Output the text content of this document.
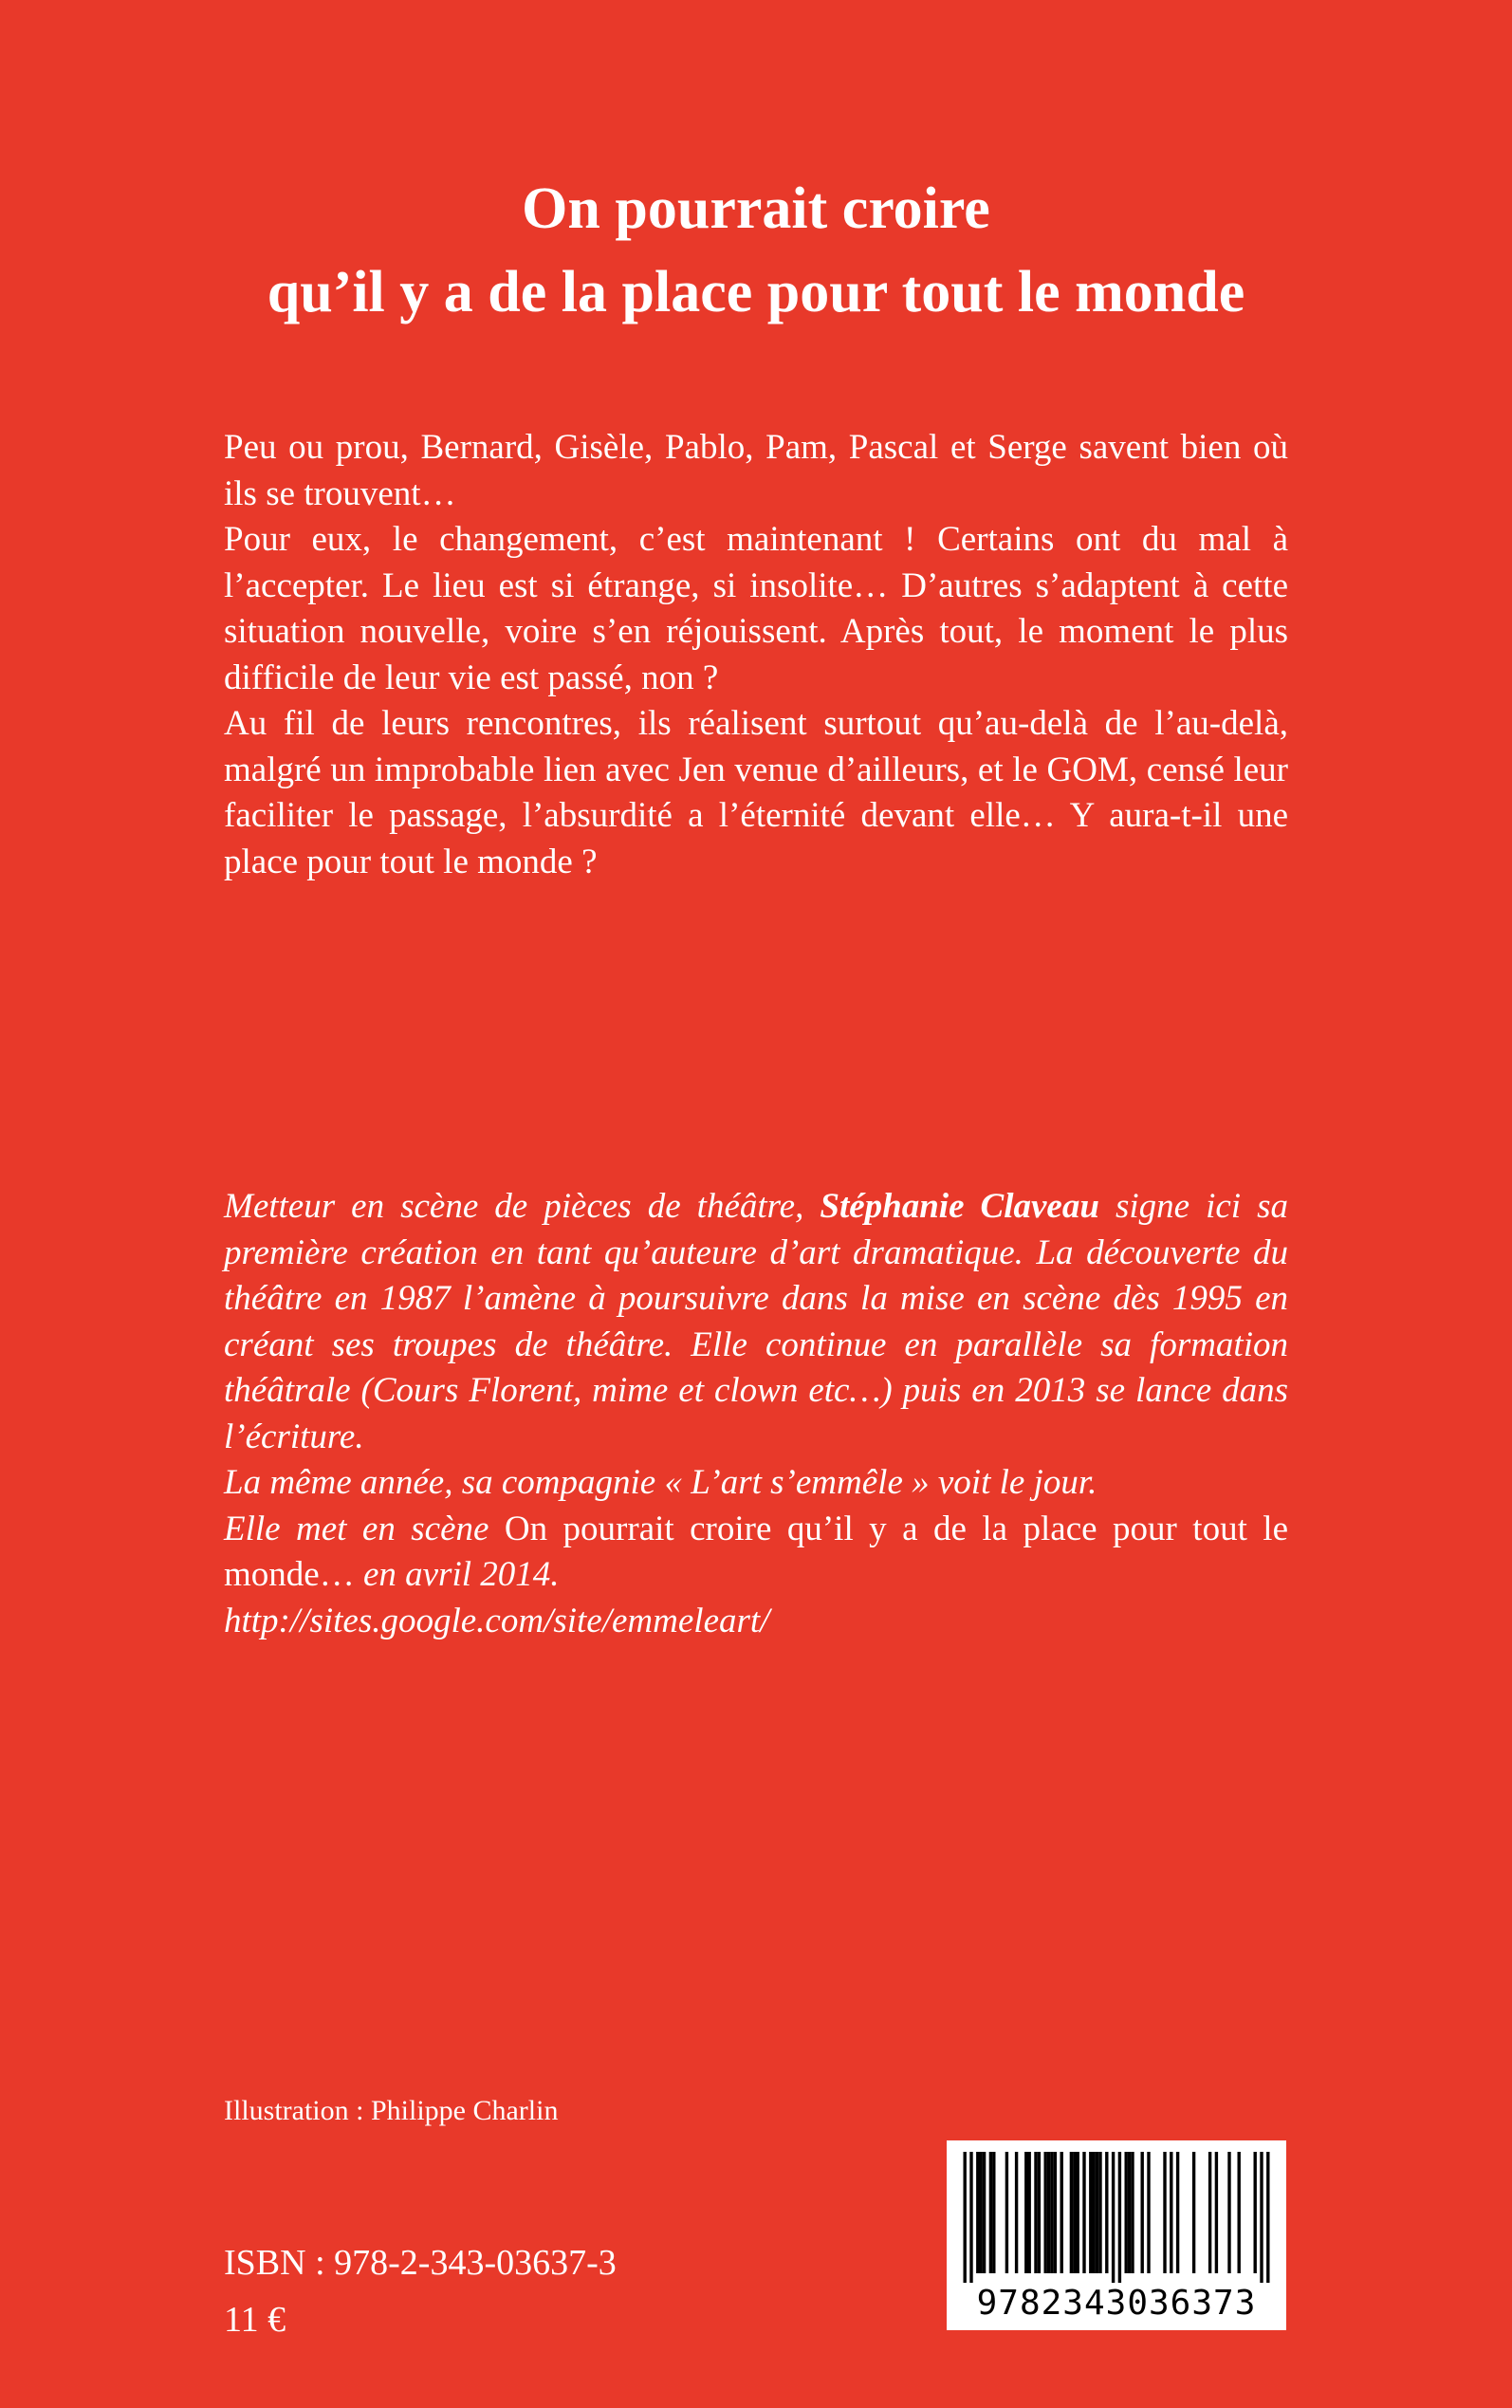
On pourrait croire
qu’il y a de la place pour tout le monde

Peu ou prou, Bernard, Gisèle, Pablo, Pam, Pascal et Serge savent bien où ils se trouvent…

Pour eux, le changement, c’est maintenant ! Certains ont du mal à l’accepter. Le lieu est si étrange, si insolite… D’autres s’adaptent à cette situation nouvelle, voire s’en réjouissent. Après tout, le moment le plus difficile de leur vie est passé, non ?

Au fil de leurs rencontres, ils réalisent surtout qu’au-delà de l’au-delà, malgré un improbable lien avec Jen venue d’ailleurs, et le GOM, censé leur faciliter le passage, l’absurdité a l’éternité devant elle… Y aura-t-il une place pour tout le monde ?

Metteur en scène de pièces de théâtre, Stéphanie Claveau signe ici sa première création en tant qu’auteure d’art dramatique. La découverte du théâtre en 1987 l’amène à poursuivre dans la mise en scène dès 1995 en créant ses troupes de théâtre. Elle continue en parallèle sa formation théâtrale (Cours Florent, mime et clown etc…) puis en 2013 se lance dans l’écriture.

La même année, sa compagnie « L’art s’emmêle » voit le jour.

Elle met en scène On pourrait croire qu’il y a de la place pour tout le monde… en avril 2014.

http://sites.google.com/site/emmeleart/

Illustration : Philippe Charlin
ISBN : 978-2-343-03637-3
11 €	9782343036373
